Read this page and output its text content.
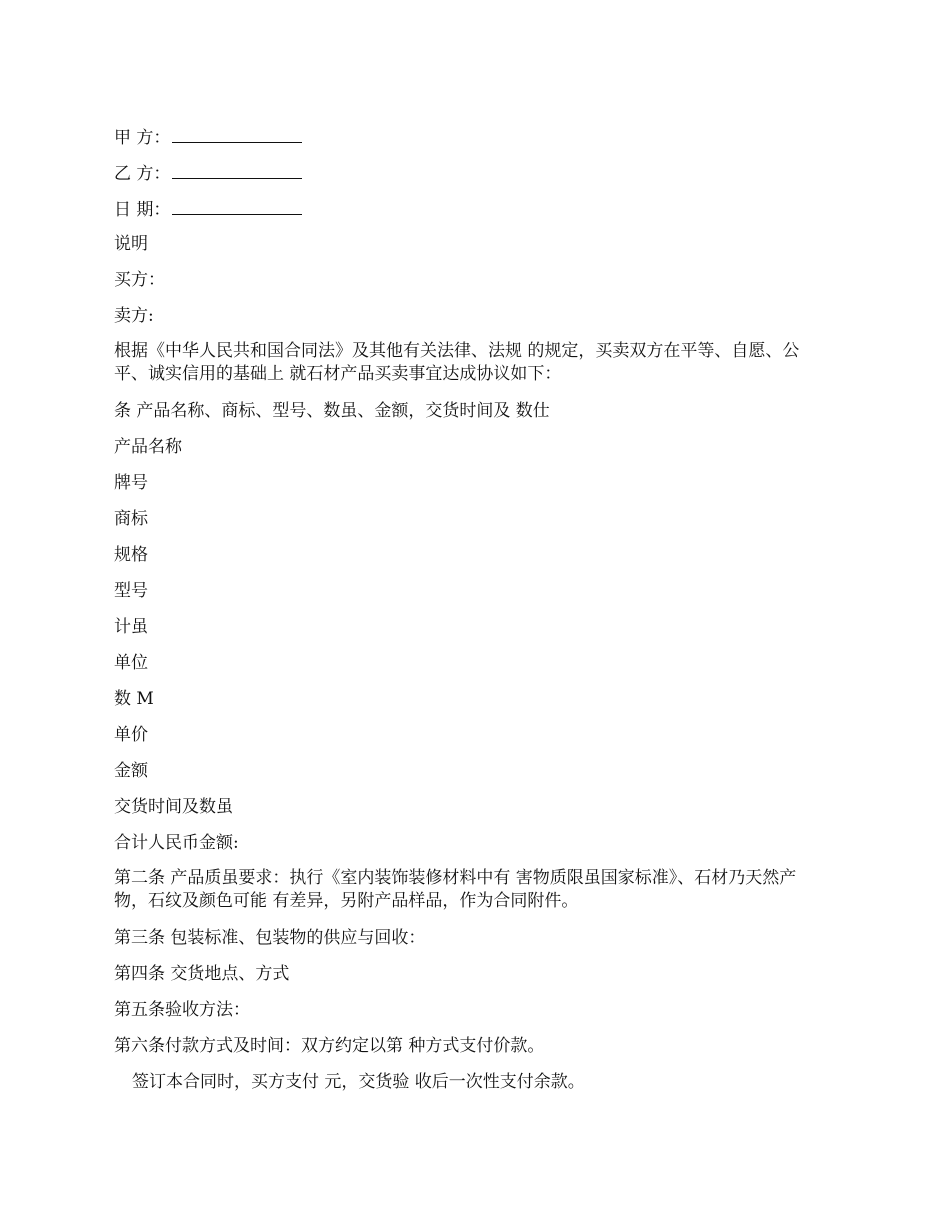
甲 方：
乙 方：
日 期：
说明
买方：
卖方:
根据《中华人民共和国合同法》及其他有关法律、法规 的规定，买卖双方在平等、自愿、公平、诚实信用的基础上 就石材产品买卖事宜达成协议如下：
条 产品名称、商标、型号、数虽、金额，交货时间及 数仕
产品名称
牌号
商标
规格
型号
计虽
单位
数 M
单价
金额
交货时间及数虽
合计人民币金额:
第二条 产品质虽要求：执行《室内装饰装修材料中有 害物质限虽国家标准》、石材乃天然产物，石纹及颜色可能 有差异，另附产品样品，作为合同附件。
第三条 包装标准、包装物的供应与回收：
第四条 交货地点、方式
第五条验收方法：
第六条付款方式及时间：双方约定以第 种方式支付价款。
签订本合同时，买方支付 元，交货验 收后一次性支付余款。
